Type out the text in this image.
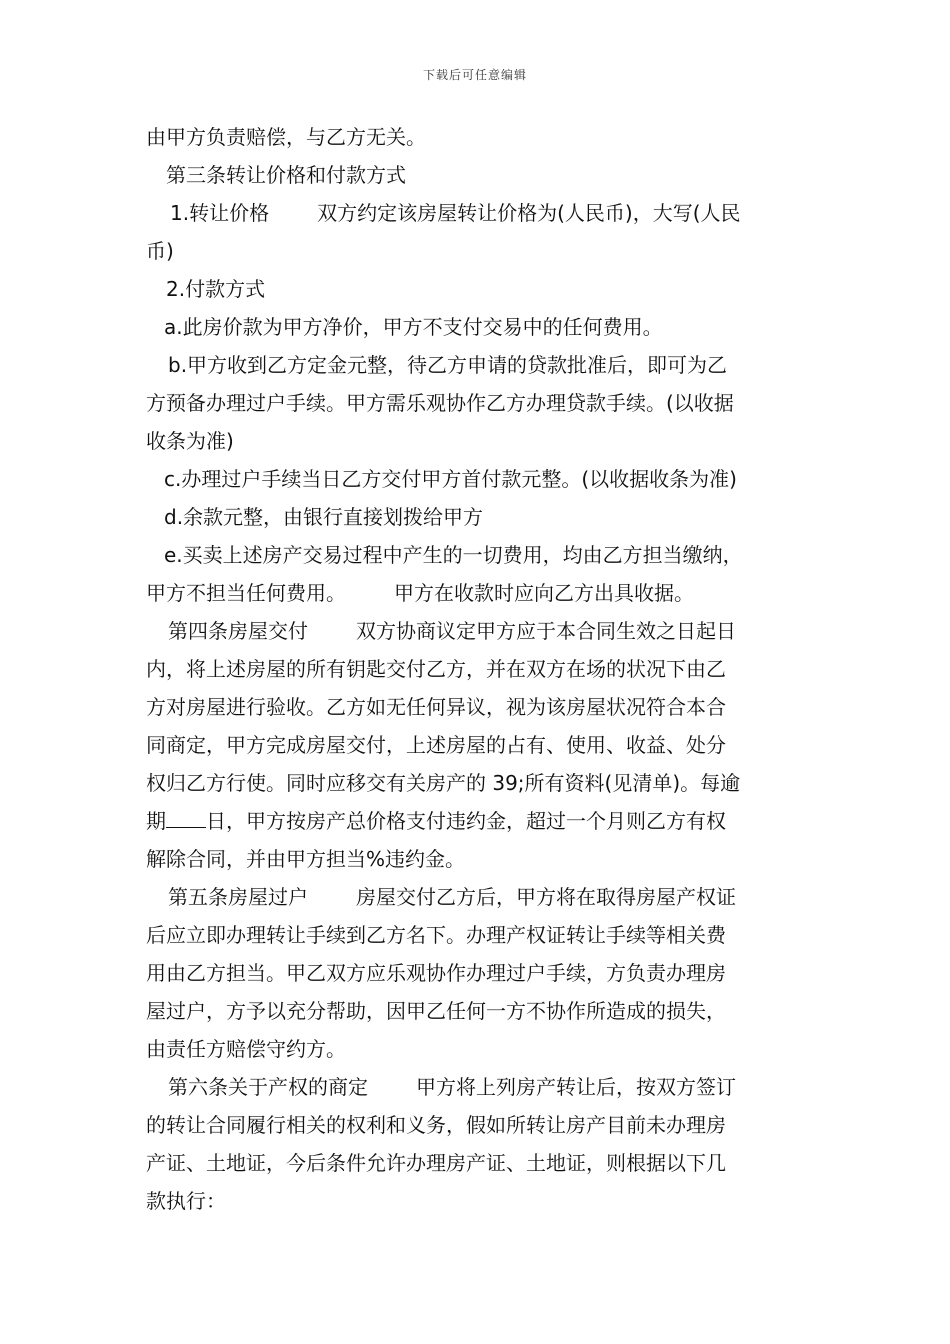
下载后可任意编辑
由甲方负责赔偿，与乙方无关。
第三条转让价格和付款方式
1.转让价格 双方约定该房屋转让价格为(人民币)，大写(人民
币)
2.付款方式
a.此房价款为甲方净价，甲方不支付交易中的任何费用。
b.甲方收到乙方定金元整，待乙方申请的贷款批准后，即可为乙
方预备办理过户手续。甲方需乐观协作乙方办理贷款手续。(以收据
收条为准)
c.办理过户手续当日乙方交付甲方首付款元整。(以收据收条为准)
d.余款元整，由银行直接划拨给甲方
e.买卖上述房产交易过程中产生的一切费用，均由乙方担当缴纳，
甲方不担当任何费用。 甲方在收款时应向乙方出具收据。
第四条房屋交付 双方协商议定甲方应于本合同生效之日起日
内，将上述房屋的所有钥匙交付乙方，并在双方在场的状况下由乙
方对房屋进行验收。乙方如无任何异议，视为该房屋状况符合本合
同商定，甲方完成房屋交付，上述房屋的占有、使用、收益、处分
权归乙方行使。同时应移交有关房产的 39;所有资料(见清单)。每逾
期 日，甲方按房产总价格支付违约金，超过一个月则乙方有权
解除合同，并由甲方担当%违约金。
第五条房屋过户 房屋交付乙方后，甲方将在取得房屋产权证
后应立即办理转让手续到乙方名下。办理产权证转让手续等相关费
用由乙方担当。甲乙双方应乐观协作办理过户手续，方负责办理房
屋过户，方予以充分帮助，因甲乙任何一方不协作所造成的损失，
由责任方赔偿守约方。
第六条关于产权的商定 甲方将上列房产转让后，按双方签订
的转让合同履行相关的权利和义务，假如所转让房产目前未办理房
产证、土地证，今后条件允许办理房产证、土地证，则根据以下几
款执行：
